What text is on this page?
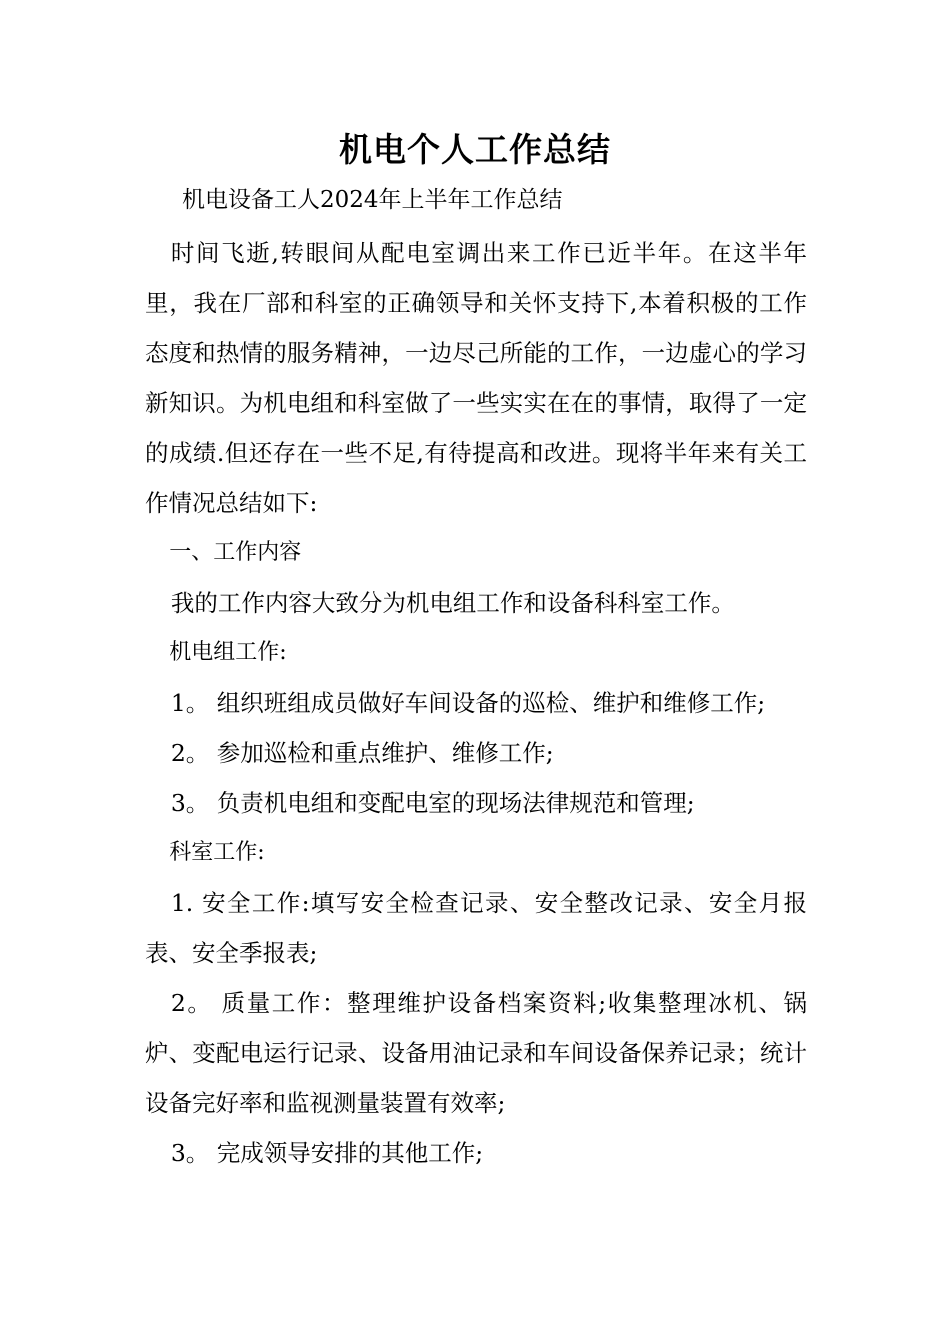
机电个人工作总结
机电设备工人2024年上半年工作总结

时间飞逝,转眼间从配电室调出来工作已近半年。在这半年里，我在厂部和科室的正确领导和关怀支持下,本着积极的工作态度和热情的服务精神，一边尽己所能的工作，一边虚心的学习新知识。为机电组和科室做了一些实实在在的事情，取得了一定的成绩.但还存在一些不足,有待提高和改进。现将半年来有关工作情况总结如下:

一、工作内容

我的工作内容大致分为机电组工作和设备科科室工作。

机电组工作:

1。 组织班组成员做好车间设备的巡检、维护和维修工作;

2。 参加巡检和重点维护、维修工作;

3。 负责机电组和变配电室的现场法律规范和管理;

科室工作:

1. 安全工作:填写安全检查记录、安全整改记录、安全月报表、安全季报表;

2。 质量工作：整理维护设备档案资料;收集整理冰机、锅炉、变配电运行记录、设备用油记录和车间设备保养记录；统计设备完好率和监视测量装置有效率;

3。 完成领导安排的其他工作;
